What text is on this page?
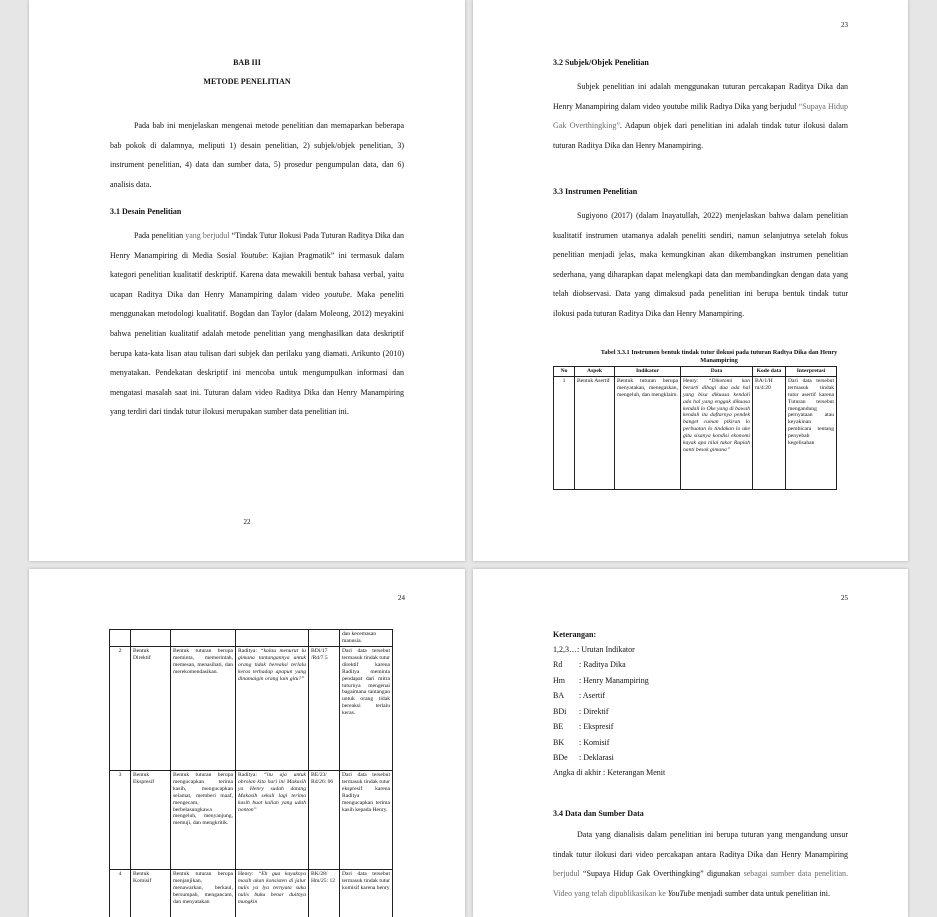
BAB III
METODE PENELITIAN

Pada bab ini menjelaskan mengenai metode penelitian dan memaparkan beberapa bab pokok di dalamnya, meliputi 1) desain penelitian, 2) subjek/objek penelitian, 3) instrument penelitian, 4) data dan sumber data, 5) prosedur pengumpulan data, dan 6) analisis data.

3.1 Desain Penelitian

Pada penelitian yang berjudul “Tindak Tutur Ilokusi Pada Tuturan Raditya Dika dan Henry Manampiring di Media Sosial Youtube: Kajian Pragmatik” ini termasuk dalam kategori penelitian kualitatif deskriptif. Karena data mewakili bentuk bahasa verbal, yaitu ucapan Raditya Dika dan Henry Manampiring dalam video youtube. Maka peneliti menggunakan metodologi kualitatif. Bogdan dan Taylor (dalam Moleong, 2012) meyakini bahwa penelitian kualitatif adalah metode penelitian yang menghasilkan data deskriptif berupa kata-kata lisan atau tulisan dari subjek dan perilaku yang diamati. Arikunto (2010) menyatakan. Pendekatan deskriptif ini mencoba untuk mengumpulkan informasi dan mengatasi masalah saat ini. Tuturan dalam video Raditya Dika dan Henry Manampiring yang terdiri dari tindak tutur ilokusi merupakan sumber data penelitian ini.

22
23
3.2 Subjek/Objek Penelitian

Subjek penelitian ini adalah menggunakan tuturan percakapan Raditya Dika dan Henry Manampiring dalam video youtube milik Radtya Dika yang berjudul “Supaya Hidup Gak Overthingking”. Adapun objek dari penelitian ini adalah tindak tutur ilokusi dalam tuturan Raditya Dika dan Henry Manampiring.

3.3 Instrumen Penelitian

Sugiyono (2017) (dalam Inayatullah, 2022) menjelaskan bahwa dalam penelitian kualitatif instrumen utamanya adalah peneliti sendiri, namun selanjutnya setelah fokus penelitian menjadi jelas, maka kemungkinan akan dikembangkan instrumen penelitian sederhana, yang diharapkan dapat melengkapi data dan membandingkan dengan data yang telah diobservasi. Data yang dimaksud pada penelitian ini berupa bentuk tindak tutur ilokusi pada tuturan Raditya Dika dan Henry Manampiring.

Tabel 3.3.1 Instrumen bentuk tindak tutur ilokusi pada tuturan Radtya Dika dan Henry Manampiring
No	Aspek	Indikator	Data	Kode data	Interpretasi
1	Bentuk Asertif	Bentuk tuturan berupa menyatakan, menegaskan, mengeluh, dan mengklaim.	Henry: “Dikotomi kan berarti dibagi dua ada hal yang bisa dikuasa kendali ada hal yang enggak dikuasa kendali lo Oke yang di bawah kendali itu daftarnya pendek banget cuman pikiran lo perbuatan lo tindakan lo uke gitu sisanya kondisi ekonomi kayak apa nilai tukar Rupiah nanti besok gimana”	BA/1/H m/4:20	Dari data tersebut termasuk tindak tutur asertif karena Tuturan tersebut mengandung pernyataan atau keyakinan pembicara tentang penyebab kegelisahan
24
					dan kecemasan manusia.
2	Bentuk Direktif	Bentuk tuturan berupa meminta, memerintah, memesan, menasihati, dan merekomendasikan.	Raditya: “kalau menurut lu gimana tantangannya untuk orang tidak bereaksi terlalu keras terhadap apapun yang dinamaigin orang lain gitu?”	BDi/17 /Rd/7.5	Dari data tersebut termasuk tindak tutur direktif karena Raditya meminta pendapat dari mitra tuturnya mengenai bagaimana tantangan untuk orang tidak bereaksi terlalu keras.
3	Bentuk Ekspresif	Bentuk tuturan berupa mengucapkan terima kasih, mengucapkan selamat, memberi maaf, mengecam, berbelasungkawa mengeluh, menyanjung, memuji, dan mengkritik.	Raditya: “itu aja untuk obrolan kita hari ini Makasih ya Henry sudah datang Makasih sekali lagi terima kasih buat kalian yang udah nonton”	BE/23/ Rd/26: 06	Dari data tersebut termasuk tindak tutur ekspresif karena Raditya mengucapkan terima kasih kepada Henry.
4	Bentuk Komisif	Bentuk tuturan berupa menjanjikan, menawarkan, berkaul, bersumpah, mengancam, dan menyatakan	Henry: “Eh gua kayaknya masih akan konsisten di jalur nulis ya lya ternyata suka nulis buku benar duitnya mungkin	BK/28/ Hm/25: 12	Dari data tersebut termasuk tindak tutur komisif karena henry
25
Keterangan:
1,2,3…: Urutan Indikator
Rd : Raditya Dika
Hm : Henry Manampiring
BA : Asertif
BDi : Direktif
BE : Ekspresif
BK : Komisif
BDe : Deklarasi
Angka di akhir : Keterangan Menit
3.4 Data dan Sumber Data

Data yang dianalisis dalam penelitian ini berupa tuturan yang mengandung unsur tindak tutur ilokusi dari video percakapan antara Raditya Dika dan Henry Manampiring berjudul “Supaya Hidup Gak Overthingking” digunakan sebagai sumber data penelitian. Video yang telah dipublikasikan ke YouTube menjadi sumber data untuk penelitian ini.
